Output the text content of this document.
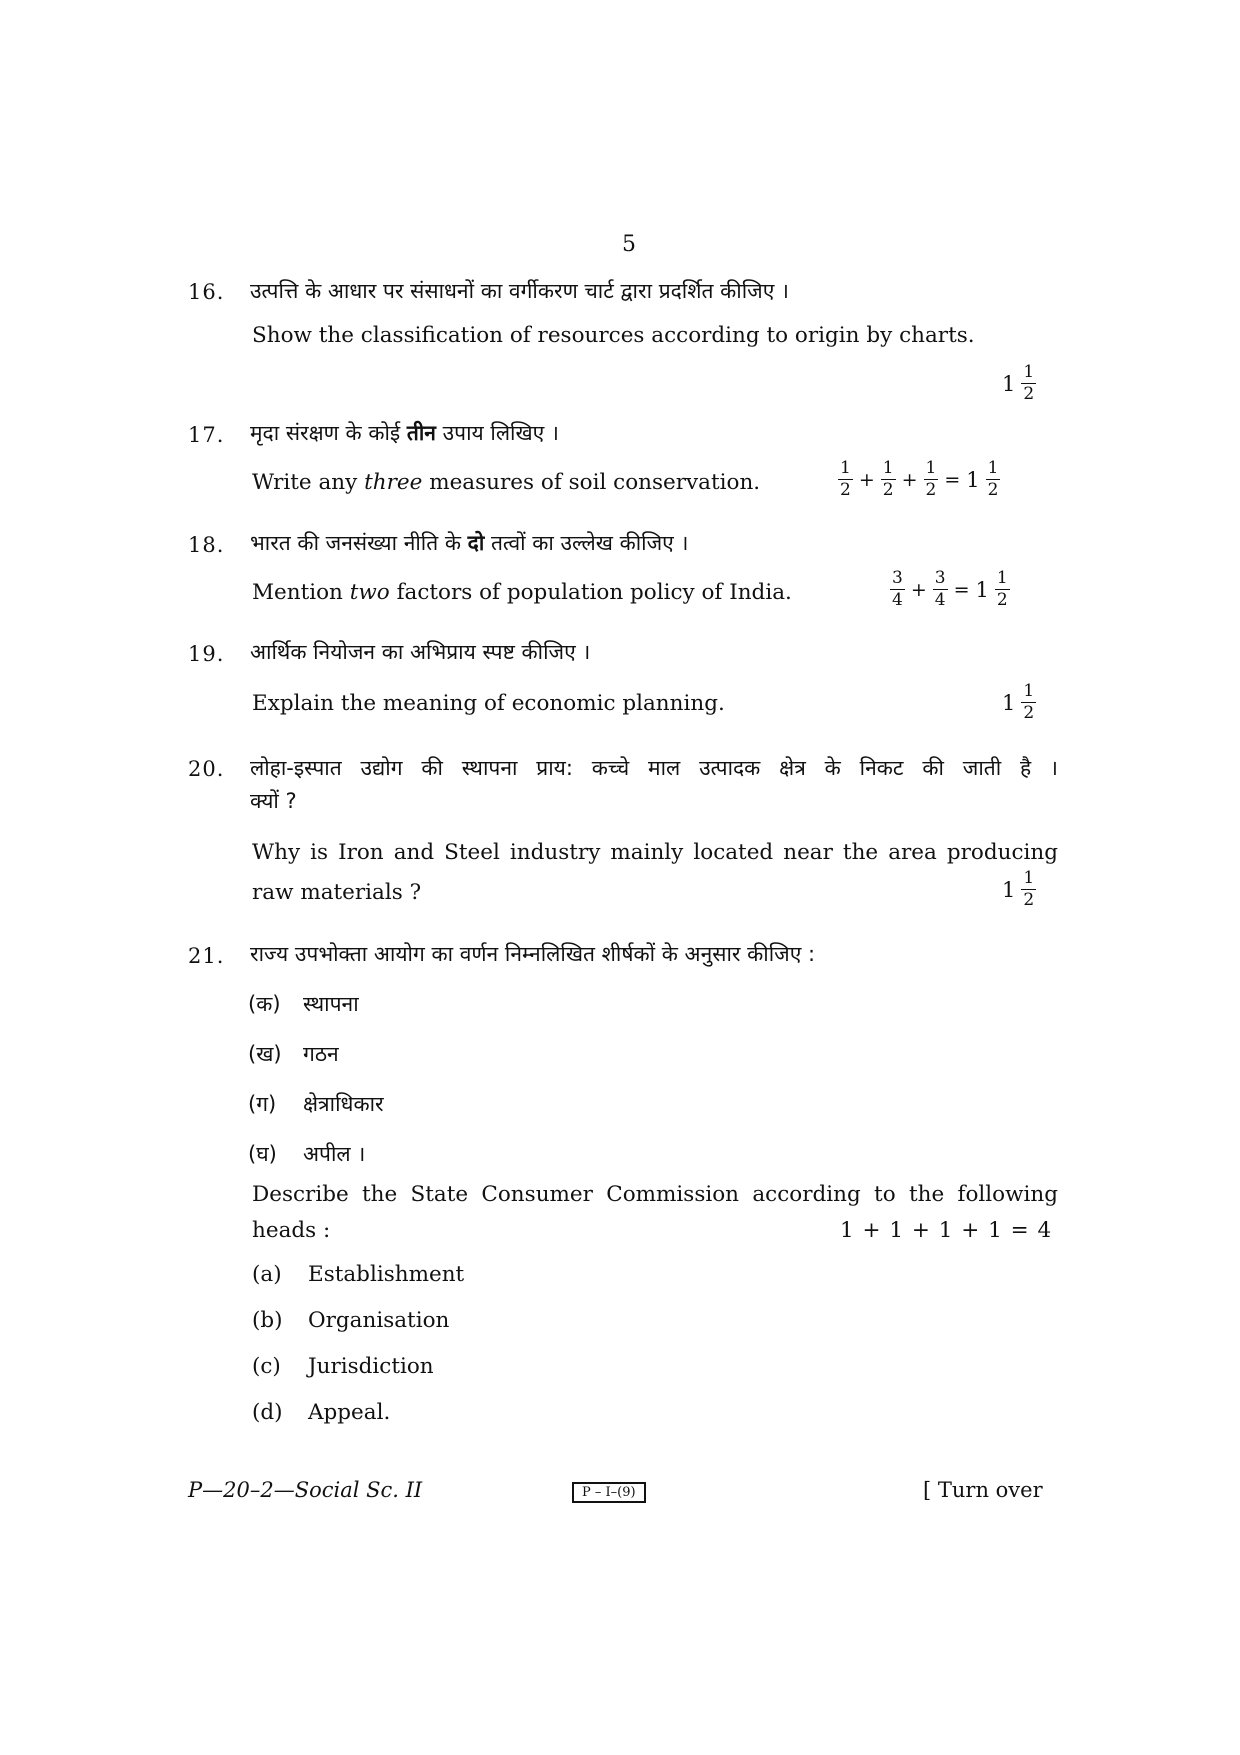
5
16. उत्पत्ति के आधार पर संसाधनों का वर्गीकरण चार्ट द्वारा प्रदर्शित कीजिए ।
Show the classification of resources according to origin by charts.
$1 \frac{1}{2}$
17. मृदा संरक्षण के कोई तीन उपाय लिखिए ।
Write any three measures of soil conservation.	$\frac{1}{2} + \frac{1}{2} + \frac{1}{2} = 1 \frac{1}{2}$
18. भारत की जनसंख्या नीति के दो तत्वों का उल्लेख कीजिए ।
Mention two factors of population policy of India.	$\frac{3}{4} + \frac{3}{4} = 1 \frac{1}{2}$
19. आर्थिक नियोजन का अभिप्राय स्पष्ट कीजिए ।
Explain the meaning of economic planning.	$1 \frac{1}{2}$
20. लोहा-इस्पात उद्योग की स्थापना प्राय: कच्चे माल उत्पादक क्षेत्र के निकट की जाती है ।
क्यों ?
Why is Iron and Steel industry mainly located near the area producing
raw materials ?	$1 \frac{1}{2}$
21. राज्य उपभोक्ता आयोग का वर्णन निम्नलिखित शीर्षकों के अनुसार कीजिए :
(क) स्थापना
(ख) गठन
(ग) क्षेत्राधिकार
(घ) अपील ।
Describe the State Consumer Commission according to the following
heads :	1 + 1 + 1 + 1 = 4
(a) Establishment
(b) Organisation
(c) Jurisdiction
(d) Appeal.
P—20–2—Social Sc. II	P – I–(9)	[ Turn over
